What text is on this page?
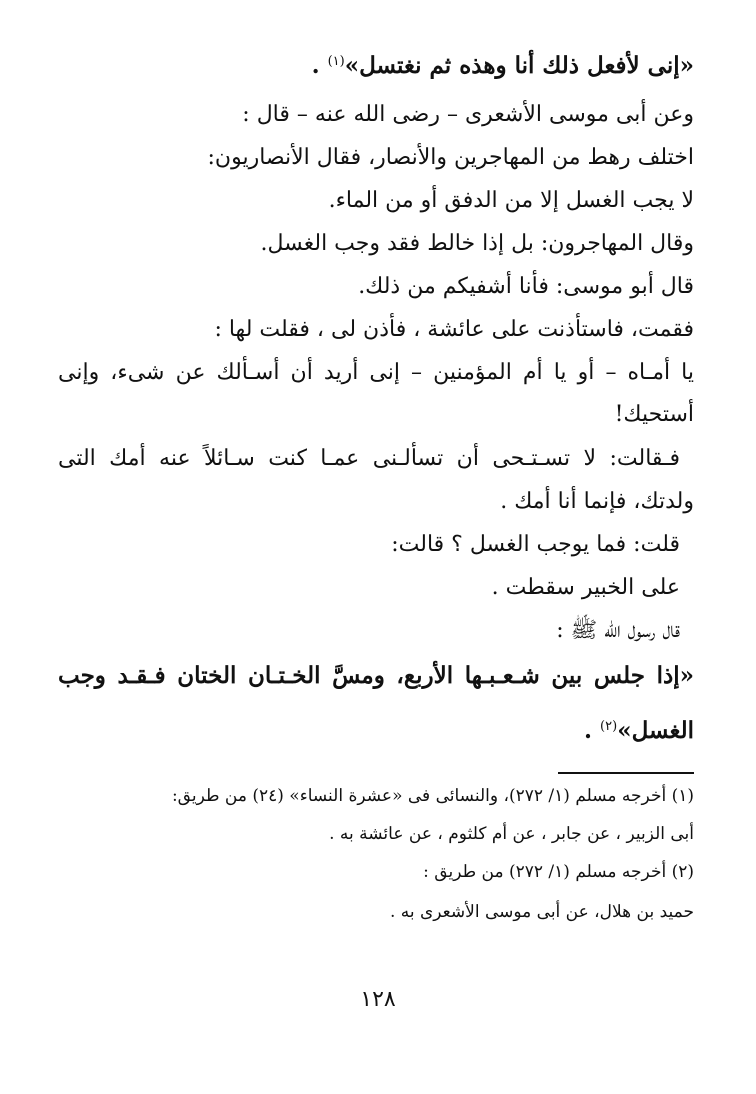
«إنى لأفعل ذلك أنا وهذه ثم نغتسل»$^{(١)}$ .
وعن أبى موسى الأشعرى – رضى الله عنه – قال :
اختلف رهط من المهاجرين والأنصار، فقال الأنصاريون:
لا يجب الغسل إلا من الدفق أو من الماء.
وقال المهاجرون: بل إذا خالط فقد وجب الغسل.
قال أبو موسى: فأنا أشفيكم من ذلك.
فقمت، فاستأذنت على عائشة ، فأذن لى ، فقلت لها :
يا أمـاه – أو يا أم المؤمنين – إنى أريد أن أسـألك عن شىء، وإنى
أستحيك!
فـقالت: لا تسـتـحى أن تسألـنى عمـا كنت سـائلاً عنه أمك التى
ولدتك، فإنما أنا أمك .
قلت: فما يوجب الغسل ؟ قالت:
على الخبير سقطت .
قال رسول الله ﷺ :
«إذا جلس بين شـعـبـها الأربع، ومسَّ الخـتـان الختان فـقـد وجب
الغسل»$^{(٢)}$ .
(١) أخرجه مسلم (١/ ٢٧٢)، والنسائى فى «عشرة النساء» (٢٤) من طريق:
أبى الزبير ، عن جابر ، عن أم كلثوم ، عن عائشة به .
(٢) أخرجه مسلم (١/ ٢٧٢) من طريق :
حميد بن هلال، عن أبى موسى الأشعرى به .
١٢٨
